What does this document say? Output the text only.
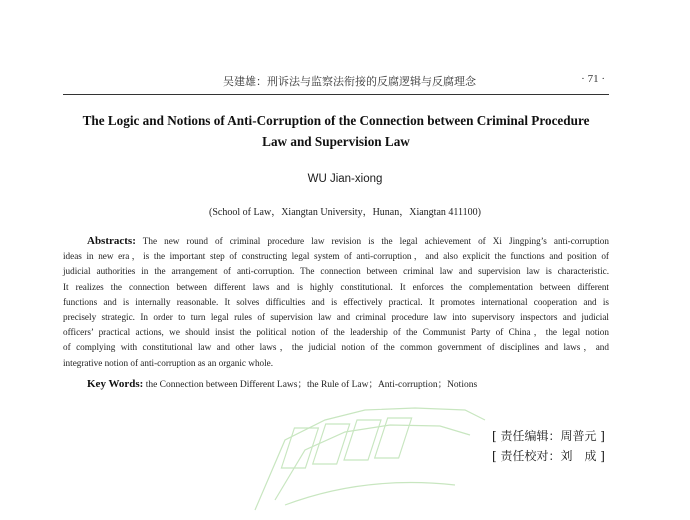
吴建雄：刑诉法与监察法衔接的反腐逻辑与反腐理念	· 71 ·
The Logic and Notions of Anti-Corruption of the Connection between Criminal Procedure
Law and Supervision Law
WU Jian-xiong
(School of Law，Xiangtan University，Hunan，Xiangtan 411100)
Abstracts: The new round of criminal procedure law revision is the legal achievement of Xi Jingping’s anti-corruption
ideas in new era，is the important step of constructing legal system of anti-corruption，and also explicit the functions and position of
judicial authorities in the arrangement of anti-corruption. The connection between criminal law and supervision law is characteristic.
It realizes the connection between different laws and is highly constitutional. It enforces the complementation between different
functions and is internally reasonable. It solves difficulties and is effectively practical. It promotes international cooperation and is
precisely strategic. In order to turn legal rules of supervision law and criminal procedure law into supervisory inspectors and judicial
officers’ practical actions, we should insist the political notion of the leadership of the Communist Party of China，the legal notion
of complying with constitutional law and other laws，the judicial notion of the common government of disciplines and laws，and
integrative notion of anti-corruption as an organic whole.
Key Words: the Connection between Different Laws；the Rule of Law；Anti-corruption；Notions
[ 责任编辑：周普元 ]
[ 责任校对：刘　成 ]
